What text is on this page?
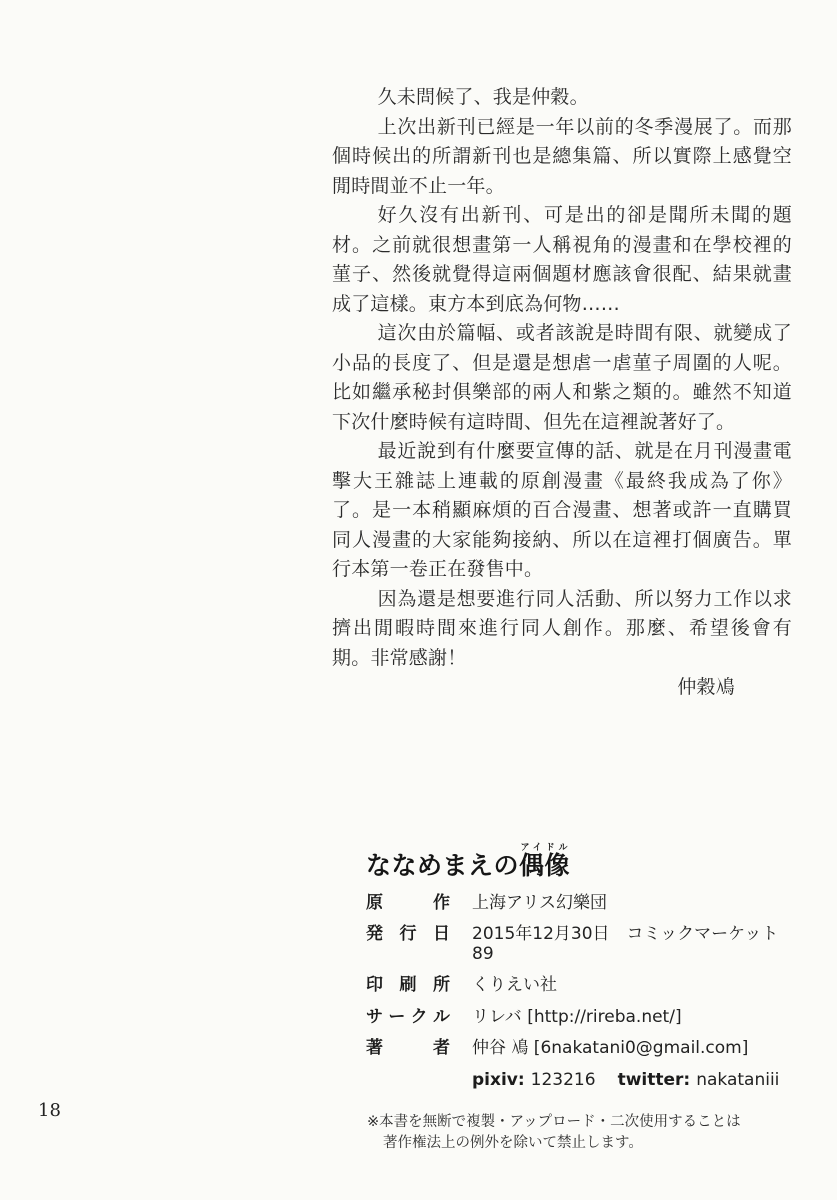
久未問候了、我是仲穀。

上次出新刊已經是一年以前的冬季漫展了。而那個時候出的所謂新刊也是總集篇、所以實際上感覺空閒時間並不止一年。

好久沒有出新刊、可是出的卻是聞所未聞的題材。之前就很想畫第一人稱視角的漫畫和在學校裡的菫子、然後就覺得這兩個題材應該會很配、結果就畫成了這樣。東方本到底為何物……

這次由於篇幅、或者該說是時間有限、就變成了小品的長度了、但是還是想虐一虐菫子周圍的人呢。比如繼承秘封俱樂部的兩人和紫之類的。雖然不知道下次什麼時候有這時間、但先在這裡說著好了。

最近說到有什麼要宣傳的話、就是在月刊漫畫電擊大王雜誌上連載的原創漫畫《最終我成為了你》了。是一本稍顯麻煩的百合漫畫、想著或許一直購買同人漫畫的大家能夠接納、所以在這裡打個廣告。單行本第一卷正在發售中。

因為還是想要進行同人活動、所以努力工作以求擠出閒暇時間來進行同人創作。那麼、希望後會有期。非常感謝！

仲穀鳰

ななめまえの偶像アイドル
原	作 上海アリス幻樂団
発 行 日 2015年12月30日　コミックマーケット89
印 刷 所 くりえい社
サ ー ク ル リレバ [http://rireba.net/]
著	者 仲谷 鳰 [6nakatani0@gmail.com]
pixiv: 123216 twitter: nakataniii

※本書を無断で複製・アップロード・二次使用することは
著作権法上の例外を除いて禁止します。

18
